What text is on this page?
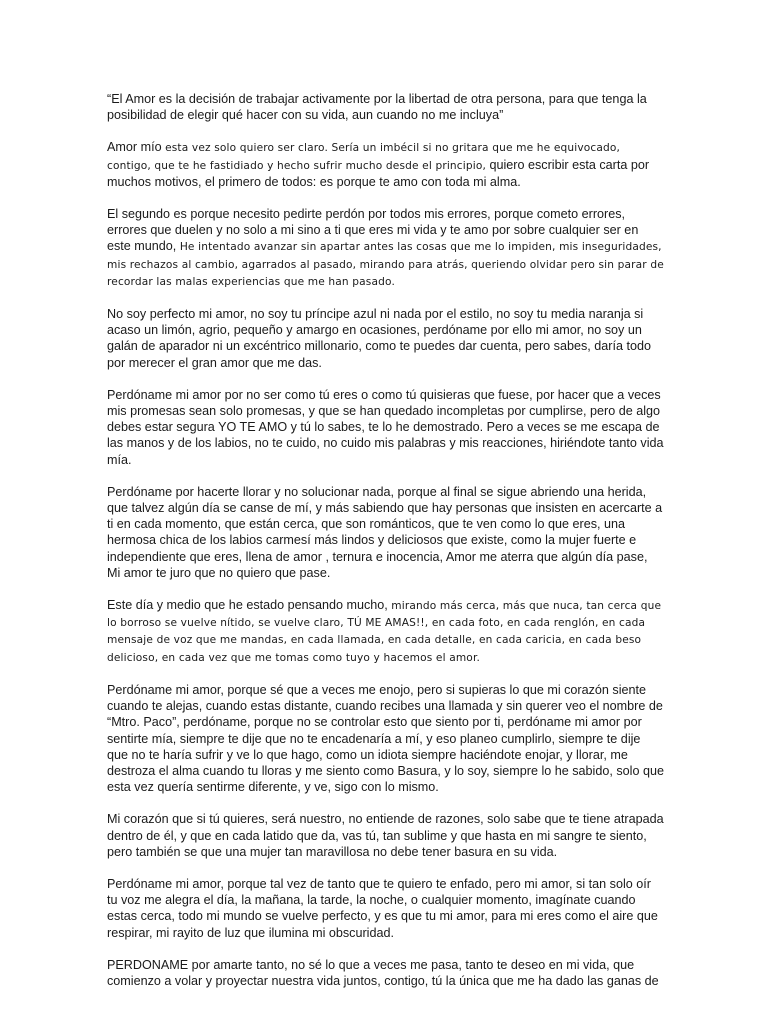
“El Amor es la decisión de trabajar activamente por la libertad de otra persona, para que tenga la posibilidad de elegir qué hacer con su vida, aun cuando no me incluya”

Amor mío esta vez solo quiero ser claro. Sería un imbécil si no gritara que me he equivocado, contigo, que te he fastidiado y hecho sufrir mucho desde el principio, quiero escribir esta carta por muchos motivos, el primero de todos: es porque te amo con toda mi alma.

El segundo es porque necesito pedirte perdón por todos mis errores, porque cometo errores, errores que duelen y no solo a mi sino a ti que eres mi vida y te amo por sobre cualquier ser en este mundo, He intentado avanzar sin apartar antes las cosas que me lo impiden, mis inseguridades, mis rechazos al cambio, agarrados al pasado, mirando para atrás, queriendo olvidar pero sin parar de recordar las malas experiencias que me han pasado.

No soy perfecto mi amor, no soy tu príncipe azul ni nada por el estilo, no soy tu media naranja si acaso un limón, agrio, pequeño y amargo en ocasiones, perdóname por ello mi amor, no soy un galán de aparador ni un excéntrico millonario, como te puedes dar cuenta, pero sabes, daría todo por merecer el gran amor que me das.

Perdóname mi amor por no ser como tú eres o como tú quisieras que fuese, por hacer que a veces mis promesas sean solo promesas, y que se han quedado incompletas por cumplirse, pero de algo debes estar segura YO TE AMO y tú lo sabes, te lo he demostrado. Pero a veces se me escapa de las manos y de los labios, no te cuido, no cuido mis palabras y mis reacciones, hiriéndote tanto vida mía.

Perdóname por hacerte llorar y no solucionar nada, porque al final se sigue abriendo una herida, que talvez algún día se canse de mí, y más sabiendo que hay personas que insisten en acercarte a ti en cada momento, que están cerca, que son románticos, que te ven como lo que eres, una hermosa chica de los labios carmesí más lindos y deliciosos que existe, como la mujer fuerte e independiente que eres, llena de amor , ternura e inocencia, Amor me aterra que algún día pase, Mi amor te juro que no quiero que pase.

Este día y medio que he estado pensando mucho, mirando más cerca, más que nuca, tan cerca que lo borroso se vuelve nítido, se vuelve claro, TÚ ME AMAS!!, en cada foto, en cada renglón, en cada mensaje de voz que me mandas, en cada llamada, en cada detalle, en cada caricia, en cada beso delicioso, en cada vez que me tomas como tuyo y hacemos el amor.

Perdóname mi amor, porque sé que a veces me enojo, pero si supieras lo que mi corazón siente cuando te alejas, cuando estas distante, cuando recibes una llamada y sin querer veo el nombre de “Mtro. Paco”, perdóname, porque no se controlar esto que siento por ti, perdóname mi amor por sentirte mía, siempre te dije que no te encadenaría a mí, y eso planeo cumplirlo, siempre te dije que no te haría sufrir y ve lo que hago, como un idiota siempre haciéndote enojar, y llorar, me destroza el alma cuando tu lloras y me siento como Basura, y lo soy, siempre lo he sabido, solo que esta vez quería sentirme diferente, y ve, sigo con lo mismo.

Mi corazón que si tú quieres, será nuestro, no entiende de razones, solo sabe que te tiene atrapada dentro de él, y que en cada latido que da, vas tú, tan sublime y que hasta en mi sangre te siento, pero también se que una mujer tan maravillosa no debe tener basura en su vida.

Perdóname mi amor, porque tal vez de tanto que te quiero te enfado, pero mi amor, si tan solo oír tu voz me alegra el día, la mañana, la tarde, la noche, o cualquier momento, imagínate cuando estas cerca, todo mi mundo se vuelve perfecto, y es que tu mi amor, para mi eres como el aire que respirar, mi rayito de luz que ilumina mi obscuridad.

PERDONAME por amarte tanto, no sé lo que a veces me pasa, tanto te deseo en mi vida, que comienzo a volar y proyectar nuestra vida juntos, contigo, tú la única que me ha dado las ganas de
